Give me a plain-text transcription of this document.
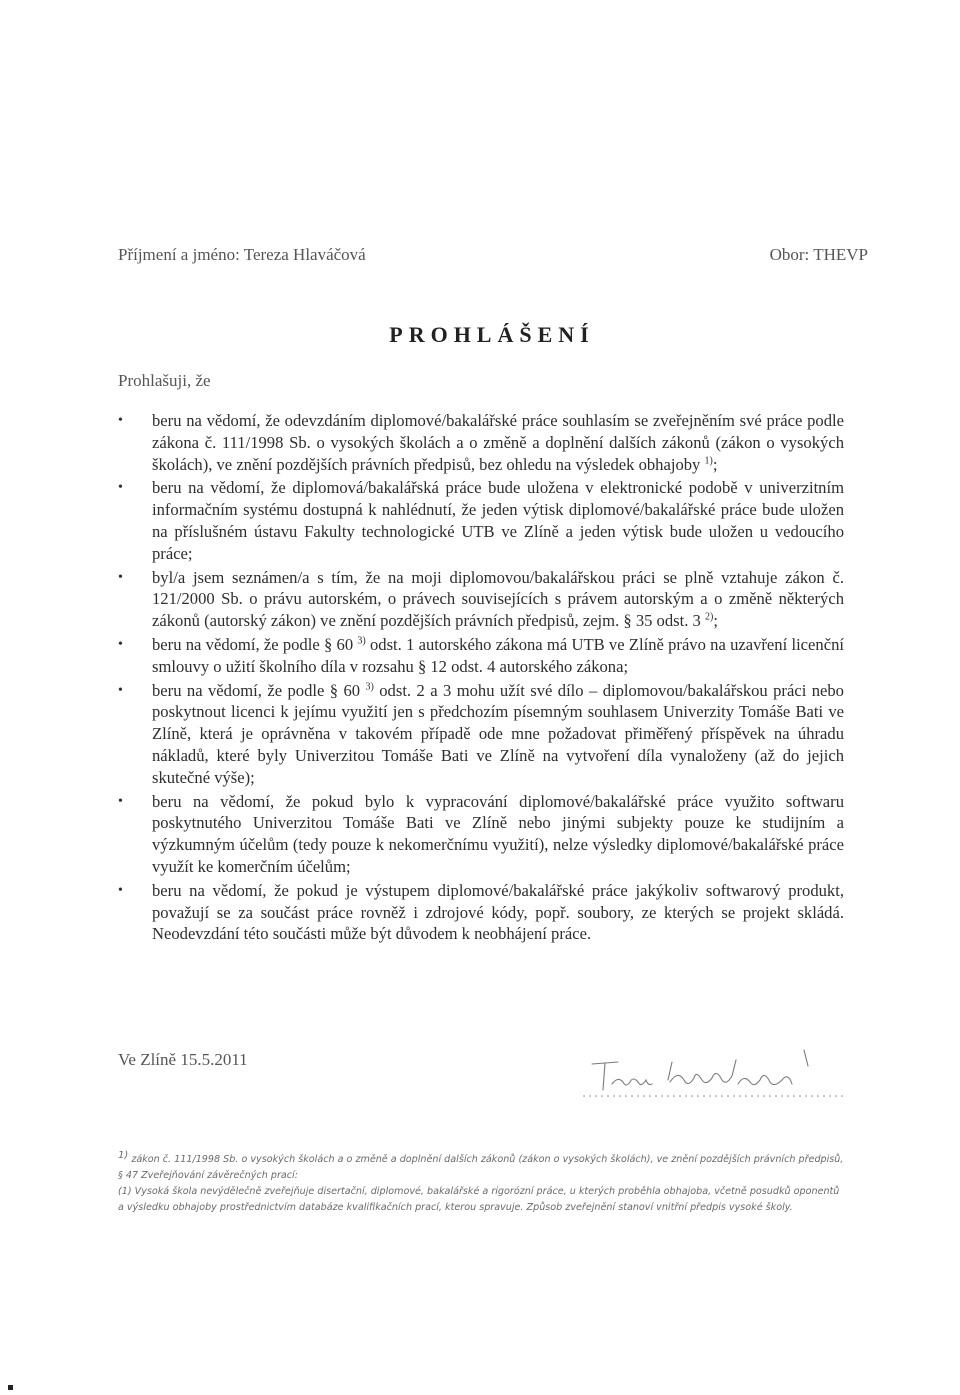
Příjmení a jméno: Tereza Hlaváčová	Obor: THEVP
PROHLÁŠENÍ
Prohlašuji, že
• beru na vědomí, že odevzdáním diplomové/bakalářské práce souhlasím se zveřejněním své práce podle zákona č. 111/1998 Sb. o vysokých školách a o změně a doplnění dalších zákonů (zákon o vysokých školách), ve znění pozdějších právních předpisů, bez ohledu na výsledek obhajoby $^{1)}$;
• beru na vědomí, že diplomová/bakalářská práce bude uložena v elektronické podobě v univerzitním informačním systému dostupná k nahlédnutí, že jeden výtisk diplomové/bakalářské práce bude uložen na příslušném ústavu Fakulty technologické UTB ve Zlíně a jeden výtisk bude uložen u vedoucího práce;
• byl/a jsem seznámen/a s tím, že na moji diplomovou/bakalářskou práci se plně vztahuje zákon č. 121/2000 Sb. o právu autorském, o právech souvisejících s právem autorským a o změně některých zákonů (autorský zákon) ve znění pozdějších právních předpisů, zejm. § 35 odst. 3 $^{2)}$;
• beru na vědomí, že podle § 60 $^{3)}$ odst. 1 autorského zákona má UTB ve Zlíně právo na uzavření licenční smlouvy o užití školního díla v rozsahu § 12 odst. 4 autorského zákona;
• beru na vědomí, že podle § 60 $^{3)}$ odst. 2 a 3 mohu užít své dílo – diplomovou/bakalářskou práci nebo poskytnout licenci k jejímu využití jen s předchozím písemným souhlasem Univerzity Tomáše Bati ve Zlíně, která je oprávněna v takovém případě ode mne požadovat přiměřený příspěvek na úhradu nákladů, které byly Univerzitou Tomáše Bati ve Zlíně na vytvoření díla vynaloženy (až do jejich skutečné výše);
• beru na vědomí, že pokud bylo k vypracování diplomové/bakalářské práce využito softwaru poskytnutého Univerzitou Tomáše Bati ve Zlíně nebo jinými subjekty pouze ke studijním a výzkumným účelům (tedy pouze k nekomerčnímu využití), nelze výsledky diplomové/bakalářské práce využít ke komerčním účelům;
• beru na vědomí, že pokud je výstupem diplomové/bakalářské práce jakýkoliv softwarový produkt, považují se za součást práce rovněž i zdrojové kódy, popř. soubory, ze kterých se projekt skládá. Neodevzdání této součásti může být důvodem k neobhájení práce.
Ve Zlíně 15.5.2011

$^{1)}$ zákon č. 111/1998 Sb. o vysokých školách a o změně a doplnění dalších zákonů (zákon o vysokých školách), ve znění pozdějších právních předpisů, § 47 Zveřejňování závěrečných prací:

(1) Vysoká škola nevýdělečně zveřejňuje disertační, diplomové, bakalářské a rigorózní práce, u kterých proběhla obhajoba, včetně posudků oponentů a výsledku obhajoby prostřednictvím databáze kvalifikačních prací, kterou spravuje. Způsob zveřejnění stanoví vnitřní předpis vysoké školy.
